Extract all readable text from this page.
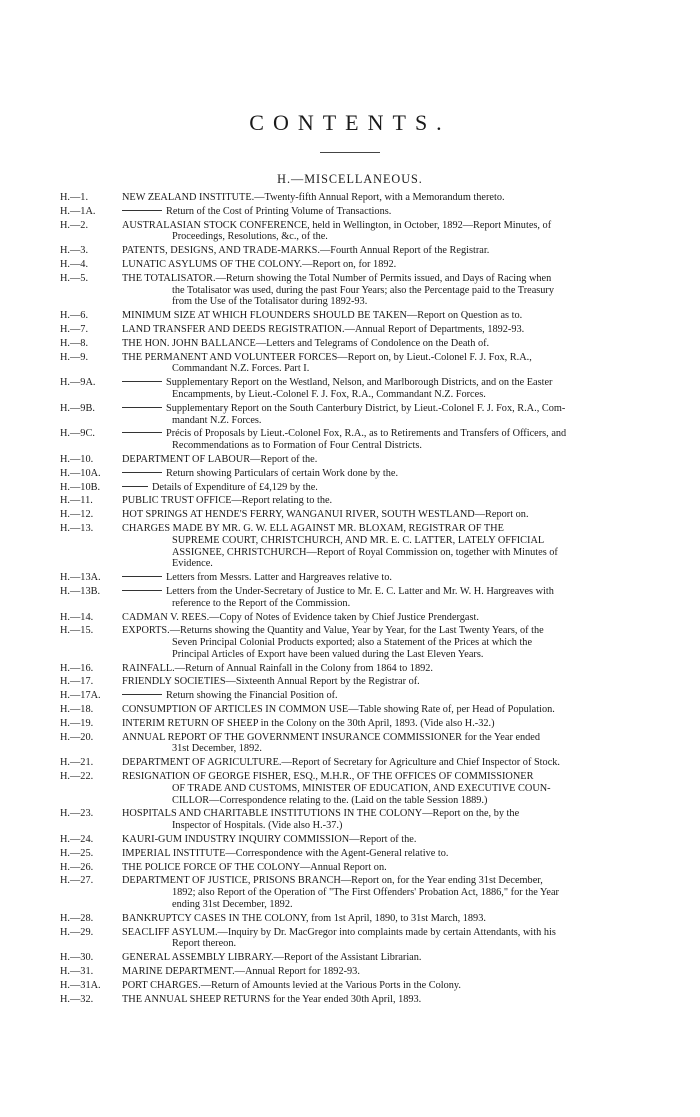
CONTENTS.
H.—MISCELLANEOUS.
H.—1.	NEW ZEALAND INSTITUTE.—Twenty-fifth Annual Report, with a Memorandum thereto.
H.—1A.	Return of the Cost of Printing Volume of Transactions.
H.—2.	AUSTRALASIAN STOCK CONFERENCE, held in Wellington, in October, 1892—Report Minutes, of
Proceedings, Resolutions, &c., of the.
H.—3.	PATENTS, DESIGNS, AND TRADE-MARKS.—Fourth Annual Report of the Registrar.
H.—4.	LUNATIC ASYLUMS OF THE COLONY.—Report on, for 1892.
H.—5.	THE TOTALISATOR.—Return showing the Total Number of Permits issued, and Days of Racing when
the Totalisator was used, during the past Four Years; also the Percentage paid to the Treasury
from the Use of the Totalisator during 1892-93.
H.—6.	MINIMUM SIZE AT WHICH FLOUNDERS SHOULD BE TAKEN—Report on Question as to.
H.—7.	LAND TRANSFER AND DEEDS REGISTRATION.—Annual Report of Departments, 1892-93.
H.—8.	THE HON. JOHN BALLANCE—Letters and Telegrams of Condolence on the Death of.
H.—9.	THE PERMANENT AND VOLUNTEER FORCES—Report on, by Lieut.-Colonel F. J. Fox, R.A.,
Commandant N.Z. Forces. Part I.
H.—9A.	Supplementary Report on the Westland, Nelson, and Marlborough Districts, and on the Easter
Encampments, by Lieut.-Colonel F. J. Fox, R.A., Commandant N.Z. Forces.
H.—9B.	Supplementary Report on the South Canterbury District, by Lieut.-Colonel F. J. Fox, R.A., Com-
mandant N.Z. Forces.
H.—9C.	Précis of Proposals by Lieut.-Colonel Fox, R.A., as to Retirements and Transfers of Officers, and
Recommendations as to Formation of Four Central Districts.
H.—10.	DEPARTMENT OF LABOUR—Report of the.
H.—10A.	Return showing Particulars of certain Work done by the.
H.—10B.	Details of Expenditure of £4,129 by the.
H.—11.	PUBLIC TRUST OFFICE—Report relating to the.
H.—12.	HOT SPRINGS AT HENDE'S FERRY, WANGANUI RIVER, SOUTH WESTLAND—Report on.
H.—13.	CHARGES MADE BY MR. G. W. ELL AGAINST MR. BLOXAM, REGISTRAR OF THE
SUPREME COURT, CHRISTCHURCH, AND MR. E. C. LATTER, LATELY OFFICIAL
ASSIGNEE, CHRISTCHURCH—Report of Royal Commission on, together with Minutes of
Evidence.
H.—13A.	Letters from Messrs. Latter and Hargreaves relative to.
H.—13B.	Letters from the Under-Secretary of Justice to Mr. E. C. Latter and Mr. W. H. Hargreaves with
reference to the Report of the Commission.
H.—14.	CADMAN V. REES.—Copy of Notes of Evidence taken by Chief Justice Prendergast.
H.—15.	EXPORTS.—Returns showing the Quantity and Value, Year by Year, for the Last Twenty Years, of the
Seven Principal Colonial Products exported; also a Statement of the Prices at which the
Principal Articles of Export have been valued during the Last Eleven Years.
H.—16.	RAINFALL.—Return of Annual Rainfall in the Colony from 1864 to 1892.
H.—17.	FRIENDLY SOCIETIES—Sixteenth Annual Report by the Registrar of.
H.—17A.	Return showing the Financial Position of.
H.—18.	CONSUMPTION OF ARTICLES IN COMMON USE—Table showing Rate of, per Head of Population.
H.—19.	INTERIM RETURN OF SHEEP in the Colony on the 30th April, 1893. (Vide also H.-32.)
H.—20.	ANNUAL REPORT OF THE GOVERNMENT INSURANCE COMMISSIONER for the Year ended
31st December, 1892.
H.—21.	DEPARTMENT OF AGRICULTURE.—Report of Secretary for Agriculture and Chief Inspector of Stock.
H.—22.	RESIGNATION OF GEORGE FISHER, ESQ., M.H.R., OF THE OFFICES OF COMMISSIONER
OF TRADE AND CUSTOMS, MINISTER OF EDUCATION, AND EXECUTIVE COUN-
CILLOR—Correspondence relating to the. (Laid on the table Session 1889.)
H.—23.	HOSPITALS AND CHARITABLE INSTITUTIONS IN THE COLONY—Report on the, by the
Inspector of Hospitals. (Vide also H.-37.)
H.—24.	KAURI-GUM INDUSTRY INQUIRY COMMISSION—Report of the.
H.—25.	IMPERIAL INSTITUTE—Correspondence with the Agent-General relative to.
H.—26.	THE POLICE FORCE OF THE COLONY—Annual Report on.
H.—27.	DEPARTMENT OF JUSTICE, PRISONS BRANCH—Report on, for the Year ending 31st December,
1892; also Report of the Operation of "The First Offenders' Probation Act, 1886," for the Year
ending 31st December, 1892.
H.—28.	BANKRUPTCY CASES IN THE COLONY, from 1st April, 1890, to 31st March, 1893.
H.—29.	SEACLIFF ASYLUM.—Inquiry by Dr. MacGregor into complaints made by certain Attendants, with his
Report thereon.
H.—30.	GENERAL ASSEMBLY LIBRARY.—Report of the Assistant Librarian.
H.—31.	MARINE DEPARTMENT.—Annual Report for 1892-93.
H.—31A.	PORT CHARGES.—Return of Amounts levied at the Various Ports in the Colony.
H.—32.	THE ANNUAL SHEEP RETURNS for the Year ended 30th April, 1893.
